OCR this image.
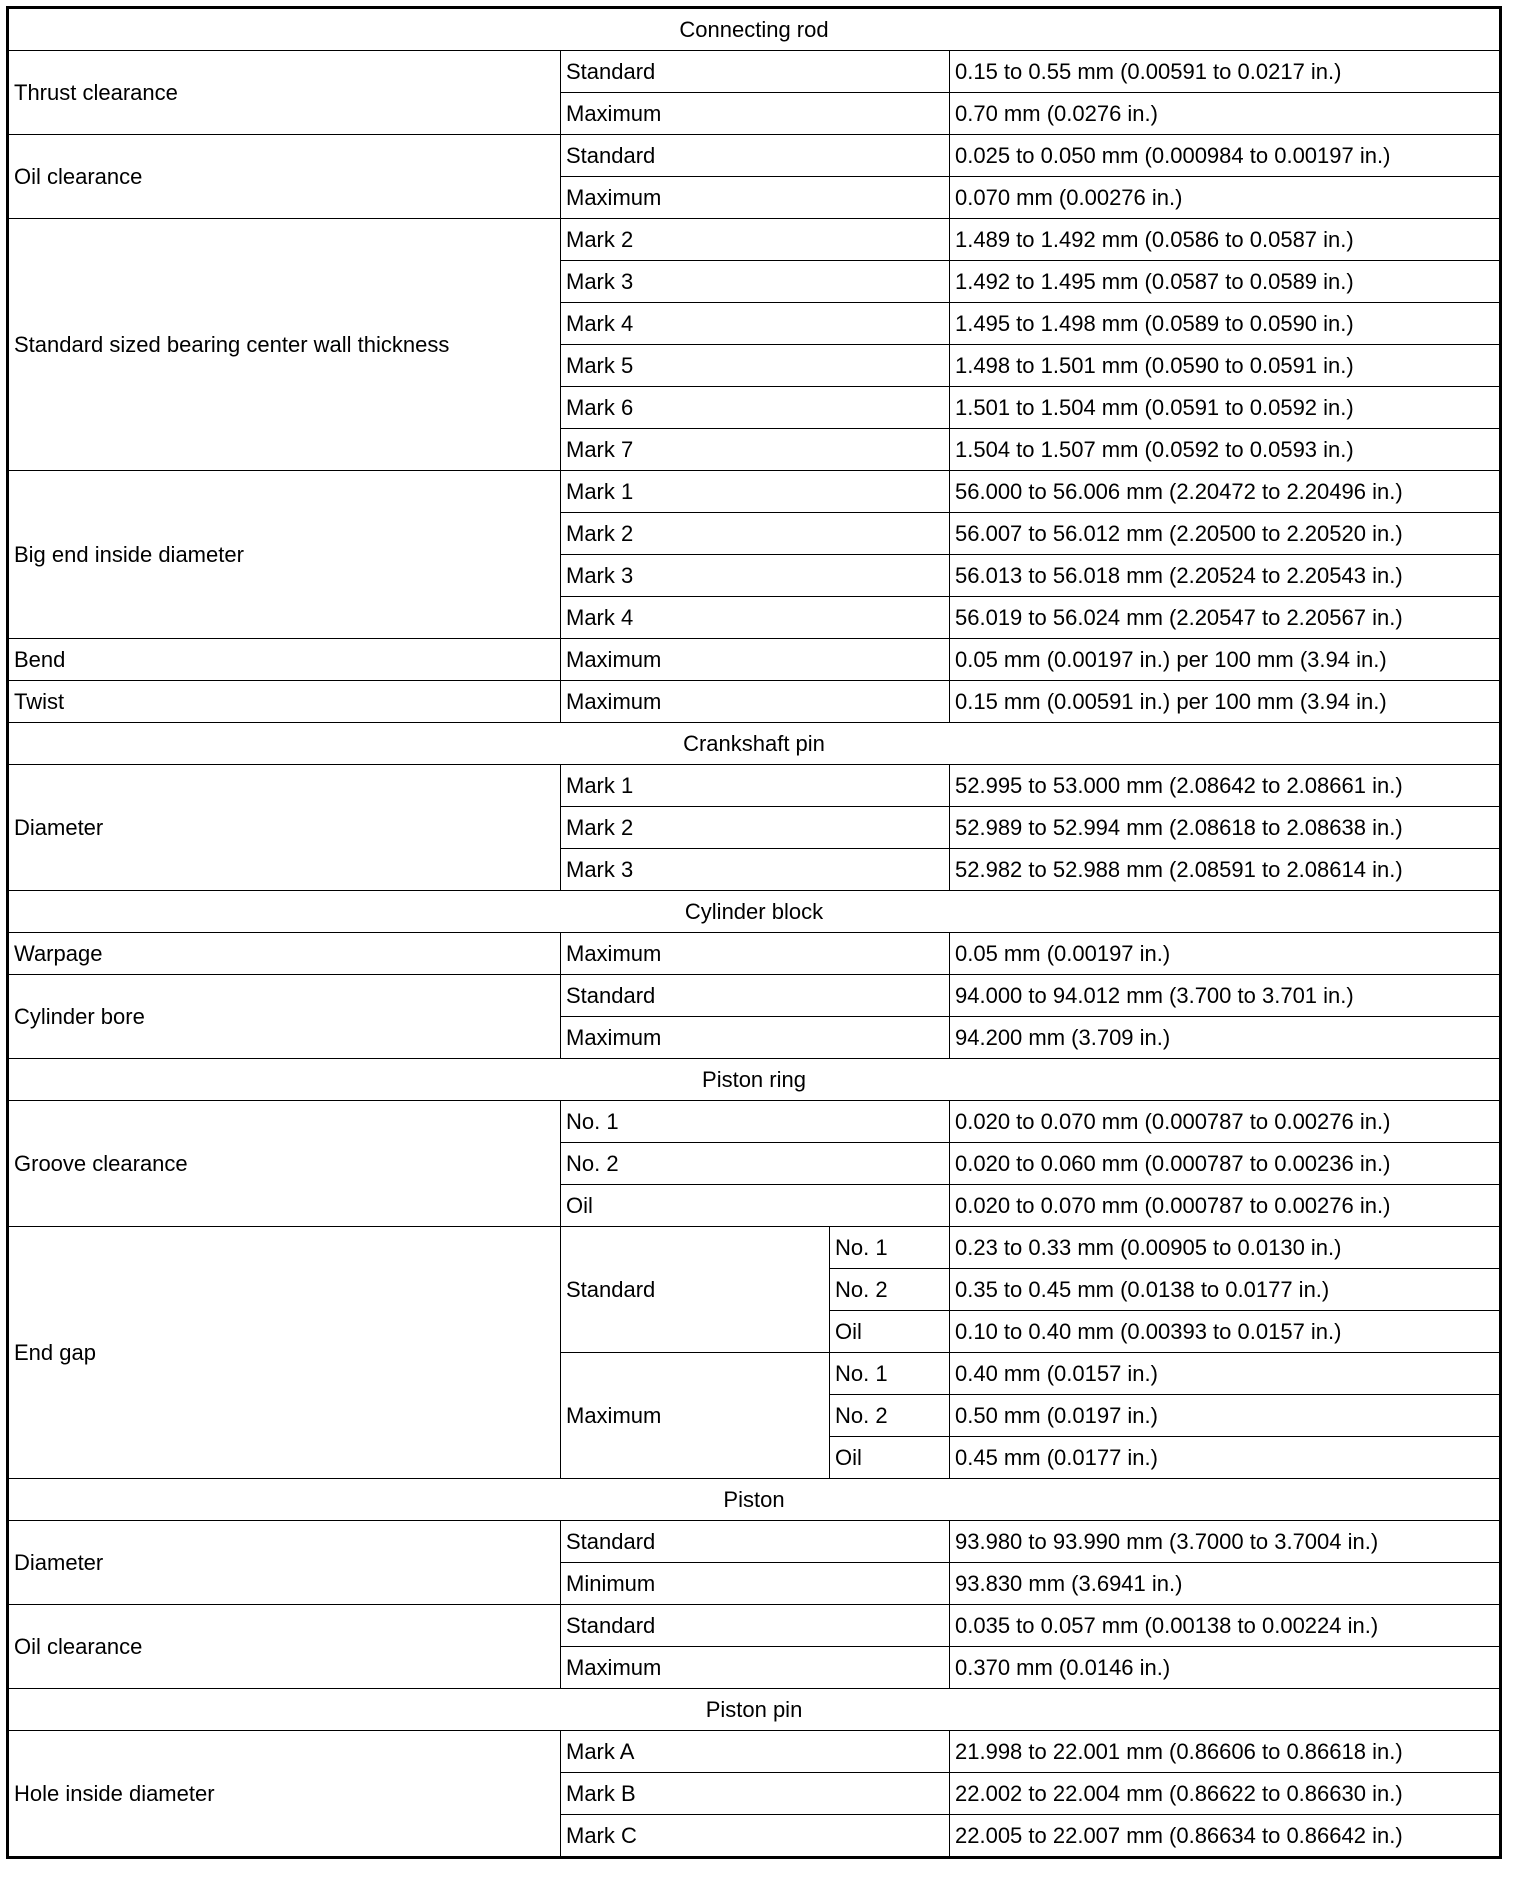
Connecting rod			
Thrust clearance	Standard		0.15 to 0.55 mm (0.00591 to 0.0217 in.)
	Maximum		0.70 mm (0.0276 in.)
Oil clearance	Standard		0.025 to 0.050 mm (0.000984 to 0.00197 in.)
	Maximum		0.070 mm (0.00276 in.)
Standard sized bearing center wall thickness	Mark 2		1.489 to 1.492 mm (0.0586 to 0.0587 in.)
	Mark 3		1.492 to 1.495 mm (0.0587 to 0.0589 in.)
	Mark 4		1.495 to 1.498 mm (0.0589 to 0.0590 in.)
	Mark 5		1.498 to 1.501 mm (0.0590 to 0.0591 in.)
	Mark 6		1.501 to 1.504 mm (0.0591 to 0.0592 in.)
	Mark 7		1.504 to 1.507 mm (0.0592 to 0.0593 in.)
Big end inside diameter	Mark 1		56.000 to 56.006 mm (2.20472 to 2.20496 in.)
	Mark 2		56.007 to 56.012 mm (2.20500 to 2.20520 in.)
	Mark 3		56.013 to 56.018 mm (2.20524 to 2.20543 in.)
	Mark 4		56.019 to 56.024 mm (2.20547 to 2.20567 in.)
Bend	Maximum		0.05 mm (0.00197 in.) per 100 mm (3.94 in.)
Twist	Maximum		0.15 mm (0.00591 in.) per 100 mm (3.94 in.)
Crankshaft pin			
Diameter	Mark 1		52.995 to 53.000 mm (2.08642 to 2.08661 in.)
	Mark 2		52.989 to 52.994 mm (2.08618 to 2.08638 in.)
	Mark 3		52.982 to 52.988 mm (2.08591 to 2.08614 in.)
Cylinder block			
Warpage	Maximum		0.05 mm (0.00197 in.)
Cylinder bore	Standard		94.000 to 94.012 mm (3.700 to 3.701 in.)
	Maximum		94.200 mm (3.709 in.)
Piston ring			
Groove clearance	No. 1		0.020 to 0.070 mm (0.000787 to 0.00276 in.)
	No. 2		0.020 to 0.060 mm (0.000787 to 0.00236 in.)
	Oil		0.020 to 0.070 mm (0.000787 to 0.00276 in.)
End gap	Standard	No. 1	0.23 to 0.33 mm (0.00905 to 0.0130 in.)
		No. 2	0.35 to 0.45 mm (0.0138 to 0.0177 in.)
		Oil	0.10 to 0.40 mm (0.00393 to 0.0157 in.)
	Maximum	No. 1	0.40 mm (0.0157 in.)
		No. 2	0.50 mm (0.0197 in.)
		Oil	0.45 mm (0.0177 in.)
Piston			
Diameter	Standard		93.980 to 93.990 mm (3.7000 to 3.7004 in.)
	Minimum		93.830 mm (3.6941 in.)
Oil clearance	Standard		0.035 to 0.057 mm (0.00138 to 0.00224 in.)
	Maximum		0.370 mm (0.0146 in.)
Piston pin			
Hole inside diameter	Mark A		21.998 to 22.001 mm (0.86606 to 0.86618 in.)
	Mark B		22.002 to 22.004 mm (0.86622 to 0.86630 in.)
	Mark C		22.005 to 22.007 mm (0.86634 to 0.86642 in.)
